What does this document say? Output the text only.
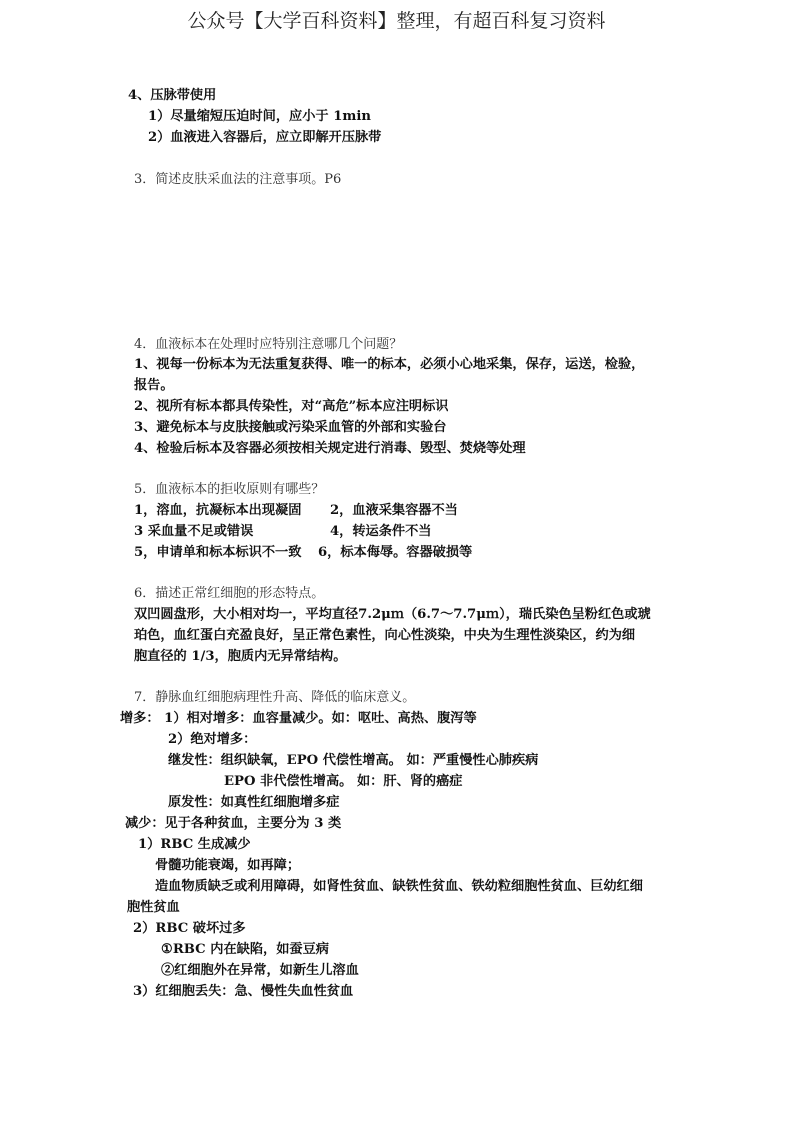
公众号【大学百科资料】整理，有超百科复习资料
4、压脉带使用
1）尽量缩短压迫时间，应小于 1min
2）血液进入容器后，应立即解开压脉带
3．简述皮肤采血法的注意事项。P6
4．血液标本在处理时应特别注意哪几个问题？
1、视每一份标本为无法重复获得、唯一的标本，必须小心地采集，保存，运送，检验，
报告。
2、视所有标本都具传染性，对“高危”标本应注明标识
3、避免标本与皮肤接触或污染采血管的外部和实验台
4、检验后标本及容器必须按相关规定进行消毒、毁型、焚烧等处理
5．血液标本的拒收原则有哪些？
1，溶血，抗凝标本出现凝固 2，血液采集容器不当
3 采血量不足或错误	4，转运条件不当
5，申请单和标本标识不一致 6，标本侮辱。容器破损等
6．描述正常红细胞的形态特点。
双凹圆盘形，大小相对均一，平均直径7.2μｍ（6.7～7.7μｍ），瑞氏染色呈粉红色或琥
珀色，血红蛋白充盈良好，呈正常色素性，向心性淡染，中央为生理性淡染区，约为细
胞直径的 1/3，胞质内无异常结构。
7．静脉血红细胞病理性升高、降低的临床意义。
增多： 1）相对增多：血容量减少。如：呕吐、高热、腹泻等
2）绝对增多：
继发性：组织缺氧，EPO 代偿性增高。 如：严重慢性心肺疾病
EPO 非代偿性增高。 如：肝、肾的癌症
原发性：如真性红细胞增多症
减少：见于各种贫血，主要分为 3 类
1）RBC 生成减少
骨髓功能衰竭，如再障；
造血物质缺乏或利用障碍，如肾性贫血、缺铁性贫血、铁幼粒细胞性贫血、巨幼红细
胞性贫血
2）RBC 破坏过多
①RBC 内在缺陷，如蚕豆病
②红细胞外在异常，如新生儿溶血
3）红细胞丢失：急、慢性失血性贫血
